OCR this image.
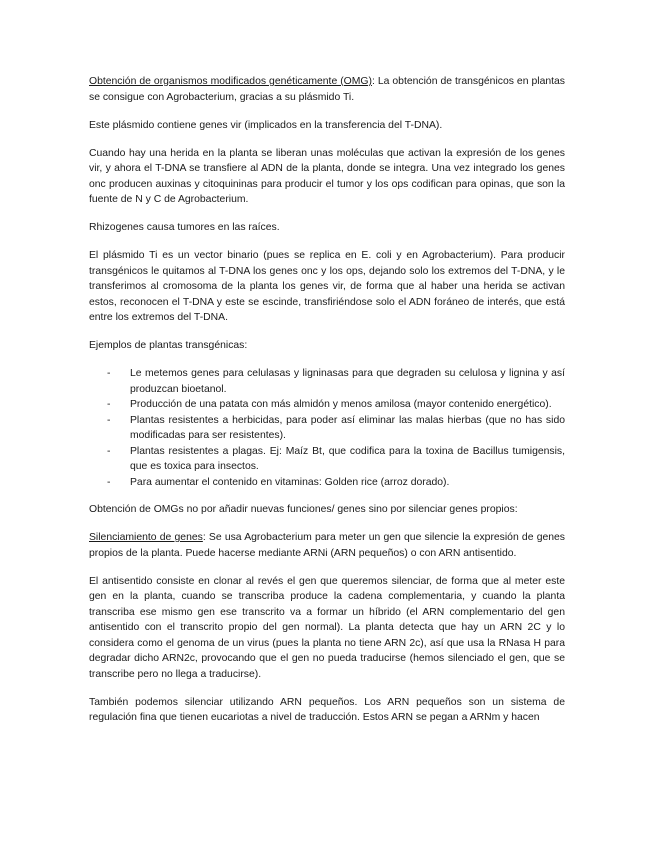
Obtención de organismos modificados genéticamente (OMG): La obtención de transgénicos en plantas se consigue con Agrobacterium, gracias a su plásmido Ti.

Este plásmido contiene genes vir (implicados en la transferencia del T-DNA).

Cuando hay una herida en la planta se liberan unas moléculas que activan la expresión de los genes vir, y ahora el T-DNA se transfiere al ADN de la planta, donde se integra. Una vez integrado los genes onc producen auxinas y citoquininas para producir el tumor y los ops codifican para opinas, que son la fuente de N y C de Agrobacterium.

Rhizogenes causa tumores en las raíces.

El plásmido Ti es un vector binario (pues se replica en E. coli y en Agrobacterium). Para producir transgénicos le quitamos al T-DNA los genes onc y los ops, dejando solo los extremos del T-DNA, y le transferimos al cromosoma de la planta los genes vir, de forma que al haber una herida se activan estos, reconocen el T-DNA y este se escinde, transfiriéndose solo el ADN foráneo de interés, que está entre los extremos del T-DNA.

Ejemplos de plantas transgénicas:

- Le metemos genes para celulasas y ligninasas para que degraden su celulosa y lignina y así produzcan bioetanol.
- Producción de una patata con más almidón y menos amilosa (mayor contenido energético).
- Plantas resistentes a herbicidas, para poder así eliminar las malas hierbas (que no has sido modificadas para ser resistentes).
- Plantas resistentes a plagas. Ej: Maíz Bt, que codifica para la toxina de Bacillus tumigensis, que es toxica para insectos.
- Para aumentar el contenido en vitaminas: Golden rice (arroz dorado).

Obtención de OMGs no por añadir nuevas funciones/ genes sino por silenciar genes propios:

Silenciamiento de genes: Se usa Agrobacterium para meter un gen que silencie la expresión de genes propios de la planta. Puede hacerse mediante ARNi (ARN pequeños) o con ARN antisentido.

El antisentido consiste en clonar al revés el gen que queremos silenciar, de forma que al meter este gen en la planta, cuando se transcriba produce la cadena complementaria, y cuando la planta transcriba ese mismo gen ese transcrito va a formar un híbrido (el ARN complementario del gen antisentido con el transcrito propio del gen normal). La planta detecta que hay un ARN 2C y lo considera como el genoma de un virus (pues la planta no tiene ARN 2c), así que usa la RNasa H para degradar dicho ARN2c, provocando que el gen no pueda traducirse (hemos silenciado el gen, que se transcribe pero no llega a traducirse).

También podemos silenciar utilizando ARN pequeños. Los ARN pequeños son un sistema de regulación fina que tienen eucariotas a nivel de traducción. Estos ARN se pegan a ARNm y hacen
